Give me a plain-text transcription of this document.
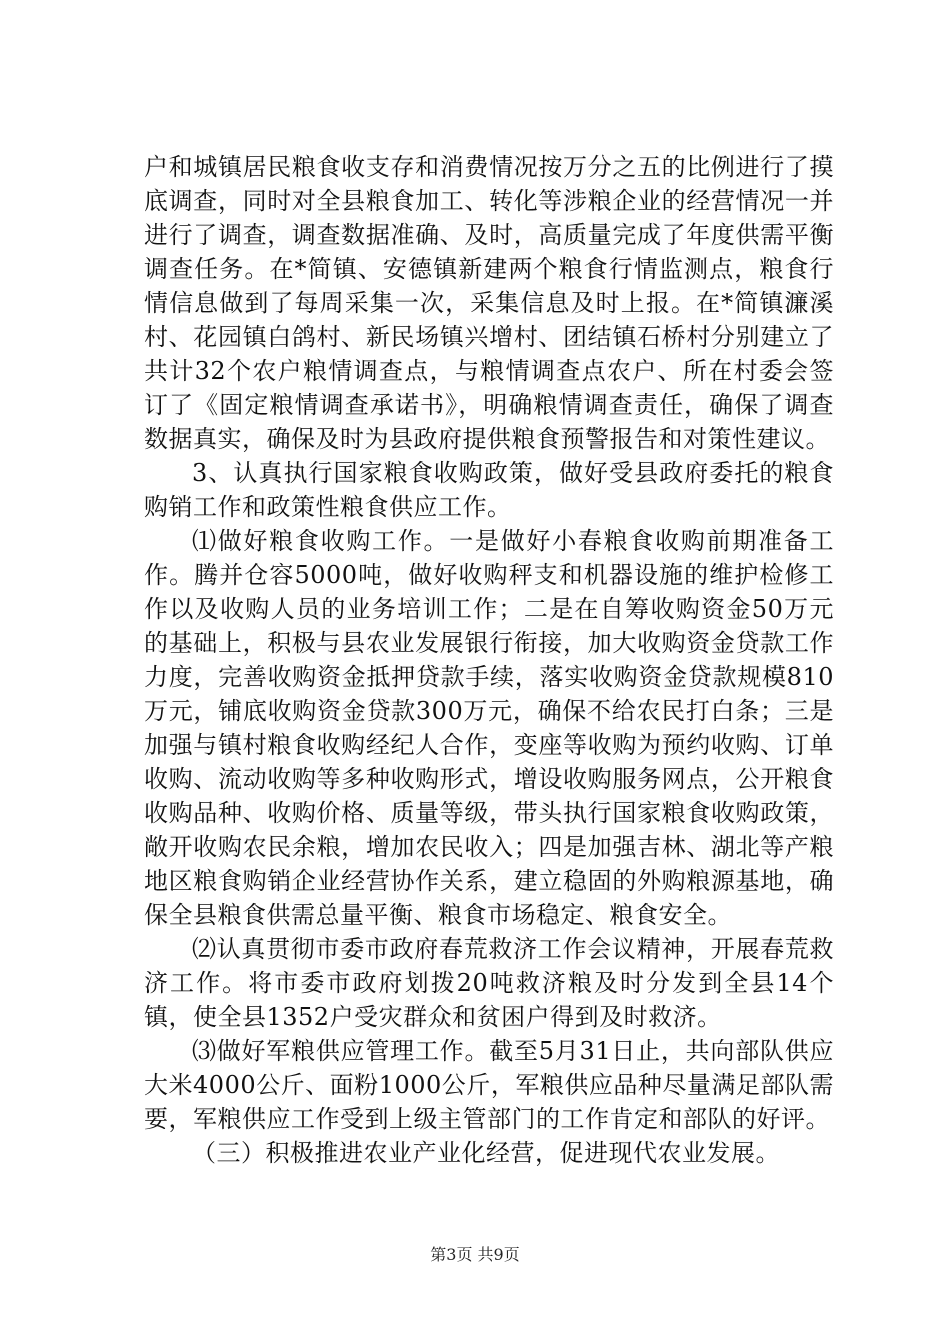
户和城镇居民粮食收支存和消费情况按万分之五的比例进行了摸底调查，同时对全县粮食加工、转化等涉粮企业的经营情况一并进行了调查，调查数据准确、及时，高质量完成了年度供需平衡调查任务。在*简镇、安德镇新建两个粮食行情监测点，粮食行情信息做到了每周采集一次，采集信息及时上报。在*简镇濂溪村、花园镇白鸽村、新民场镇兴增村、团结镇石桥村分别建立了共计32个农户粮情调查点，与粮情调查点农户、所在村委会签订了《固定粮情调查承诺书》，明确粮情调查责任，确保了调查数据真实，确保及时为县政府提供粮食预警报告和对策性建议。

3、认真执行国家粮食收购政策，做好受县政府委托的粮食购销工作和政策性粮食供应工作。

⑴做好粮食收购工作。一是做好小春粮食收购前期准备工作。腾并仓容5000吨，做好收购秤支和机器设施的维护检修工作以及收购人员的业务培训工作；二是在自筹收购资金50万元的基础上，积极与县农业发展银行衔接，加大收购资金贷款工作力度，完善收购资金抵押贷款手续，落实收购资金贷款规模810万元，铺底收购资金贷款300万元，确保不给农民打白条；三是加强与镇村粮食收购经纪人合作，变座等收购为预约收购、订单收购、流动收购等多种收购形式，增设收购服务网点，公开粮食收购品种、收购价格、质量等级，带头执行国家粮食收购政策，敞开收购农民余粮，增加农民收入；四是加强吉林、湖北等产粮地区粮食购销企业经营协作关系，建立稳固的外购粮源基地，确保全县粮食供需总量平衡、粮食市场稳定、粮食安全。

⑵认真贯彻市委市政府春荒救济工作会议精神，开展春荒救济工作。将市委市政府划拨20吨救济粮及时分发到全县14个镇，使全县1352户受灾群众和贫困户得到及时救济。

⑶做好军粮供应管理工作。截至5月31日止，共向部队供应大米4000公斤、面粉1000公斤，军粮供应品种尽量满足部队需要，军粮供应工作受到上级主管部门的工作肯定和部队的好评。

（三）积极推进农业产业化经营，促进现代农业发展。

第3页 共9页
